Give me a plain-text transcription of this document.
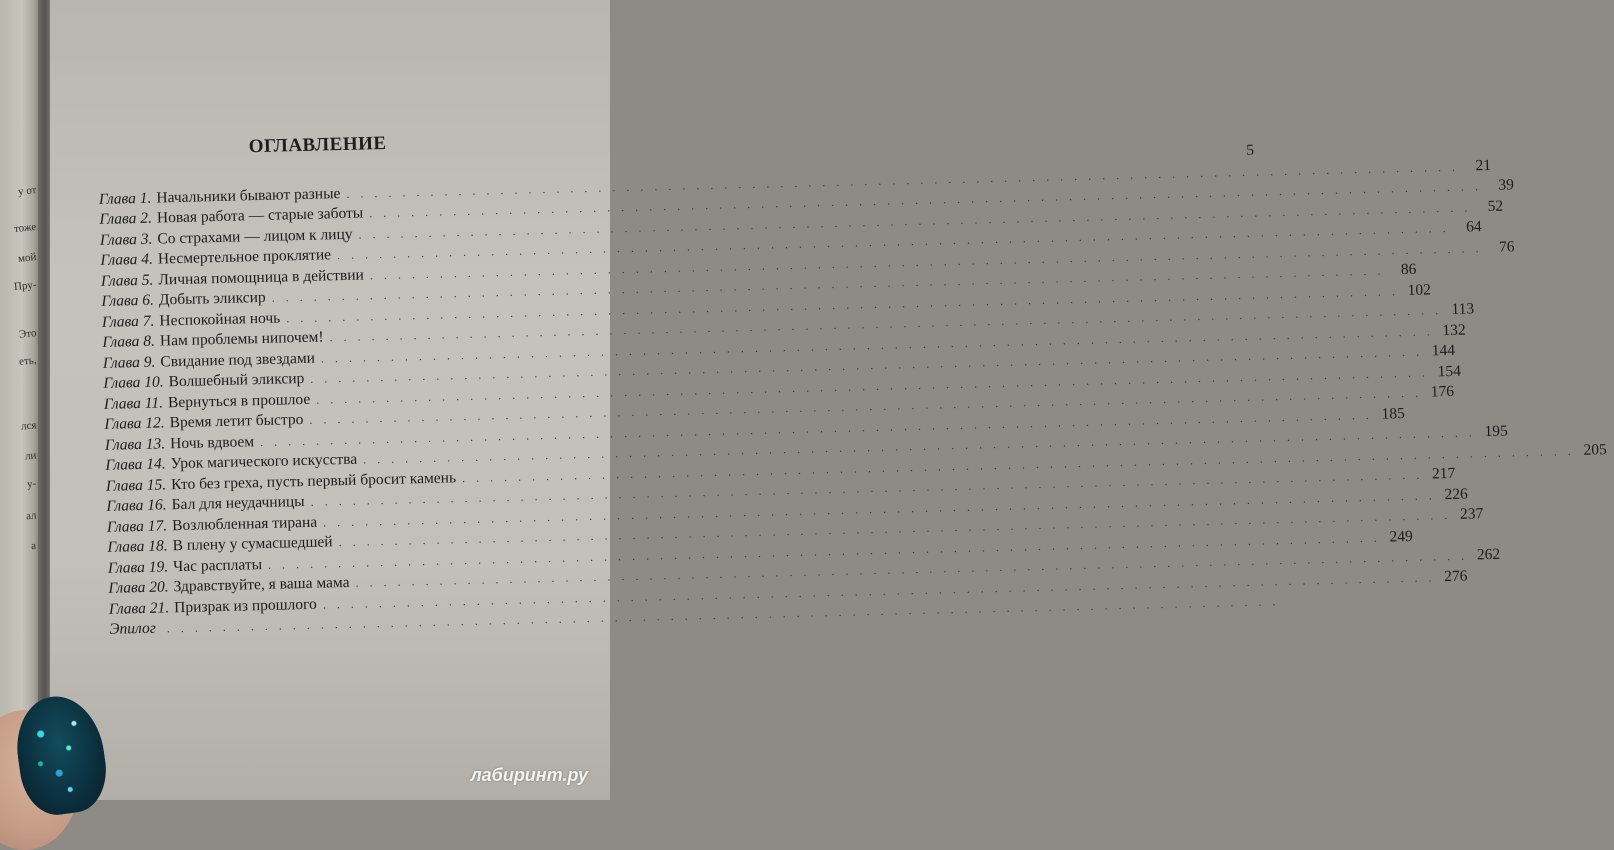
у от
тоже
мой
Пру-
Это
еть,
лся
ли
у-
ал
а
ОГЛАВЛЕНИЕ	5
Глава 1. Начальники бывают разные
. . .
21
Глава 2. Новая работа — старые заботы
. . .
39
Глава 3. Со страхами — лицом к лицу
. . .
52
Глава 4. Несмертельное проклятие
. . .
64
Глава 5. Личная помощница в действии
. . .
76
Глава 6. Добыть эликсир
. . .
86
Глава 7. Неспокойная ночь
. . .
102
Глава 8. Нам проблемы нипочем!
. . .
113
Глава 9. Свидание под звездами
. . .
132
Глава 10. Волшебный эликсир
. . .
144
Глава 11. Вернуться в прошлое
. . .
154
Глава 12. Время летит быстро
. . .
176
Глава 13. Ночь вдвоем
. . .
185
Глава 14. Урок магического искусства
. . .
195
Глава 15. Кто без греха, пусть первый бросит камень
. . .
205
Глава 16. Бал для неудачницы
. . .
217
Глава 17. Возлюбленная тирана
. . .
226
Глава 18. В плену у сумасшедшей
. . .
237
Глава 19. Час расплаты
. . .
249
Глава 20. Здравствуйте, я ваша мама
. . .
262
Глава 21. Призрак из прошлого
. . .
276
Эпилог
. . .
лабиринт.ру
